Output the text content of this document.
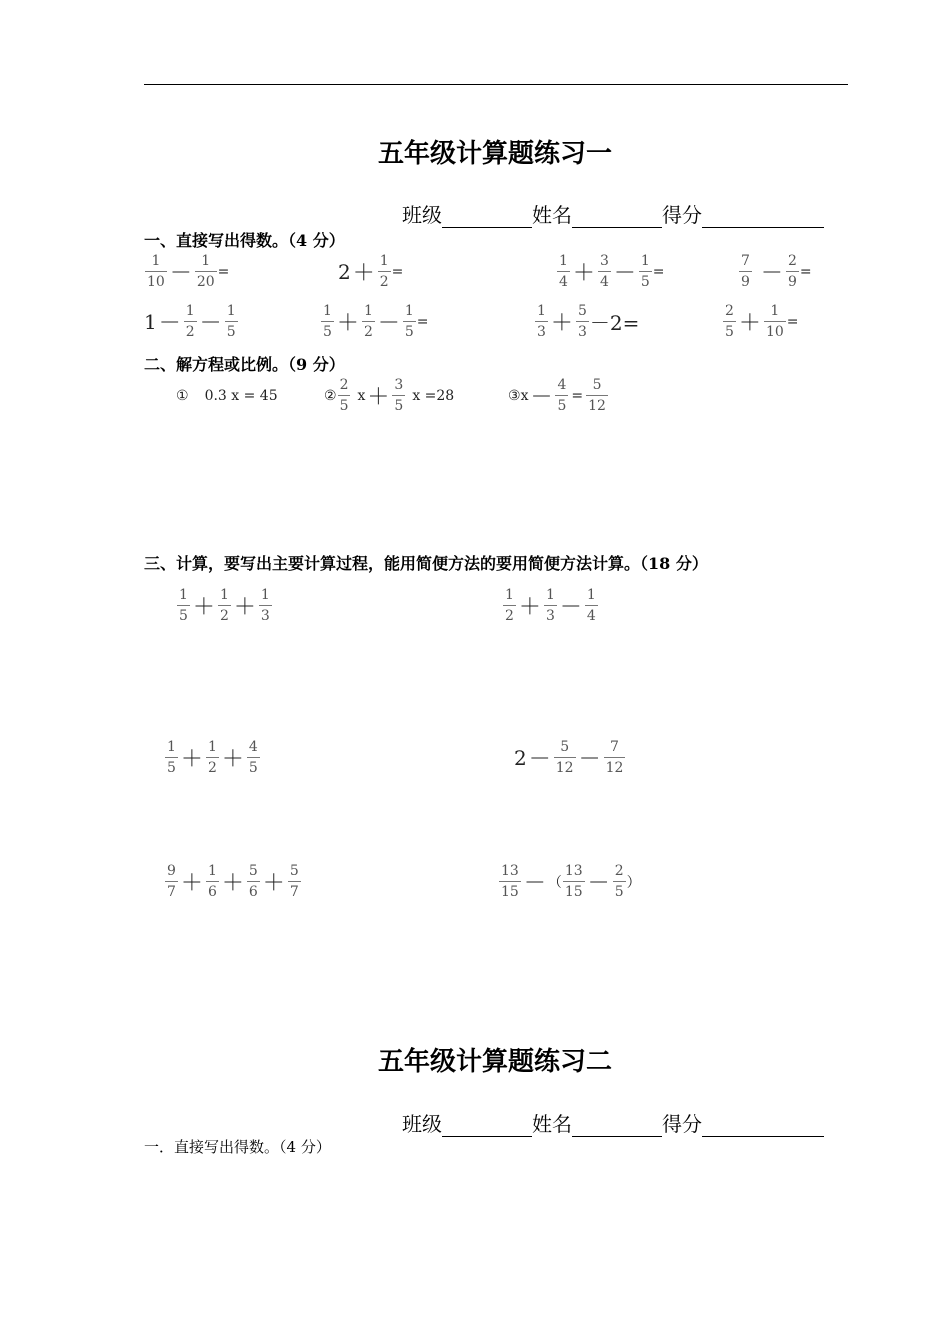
五年级计算题练习一
班级	姓名	得分
一、直接写出得数。（4 分）
$\frac{1}{10} - \frac{1}{20}$ =	$2 + \frac{1}{2}$ =	$\frac{1}{4} + \frac{3}{4} - \frac{1}{5}$ =	$\frac{7}{9} - \frac{2}{9}$ =
$1 - \frac{1}{2} - \frac{1}{5}$	$\frac{1}{5} + \frac{1}{2} - \frac{1}{5}$ =	$\frac{1}{3} + \frac{5}{3} -2=$	$\frac{2}{5} + \frac{1}{10}$ =
二、解方程或比例。（9 分）
① 0.3 x = 45	② $\frac{2}{5}$ $x + \frac{3}{5}$ x =28	③ $x - \frac{4}{5} = \frac{5}{12}$
三、计算，要写出主要计算过程，能用简便方法的要用简便方法计算。（18 分）
$\frac{1}{5} + \frac{1}{2} + \frac{1}{3}$	$\frac{1}{2} + \frac{1}{3} - \frac{1}{4}$
$\frac{1}{5} + \frac{1}{2} + \frac{4}{5}$	$2 - \frac{5}{12} - \frac{7}{12}$
$\frac{9}{7} + \frac{1}{6} + \frac{5}{6} + \frac{5}{7}$	$\frac{13}{15}$ － （ $\frac{13}{15} - \frac{2}{5}$ ）
五年级计算题练习二
班级	姓名	得分
一．直接写出得数。（4 分）
